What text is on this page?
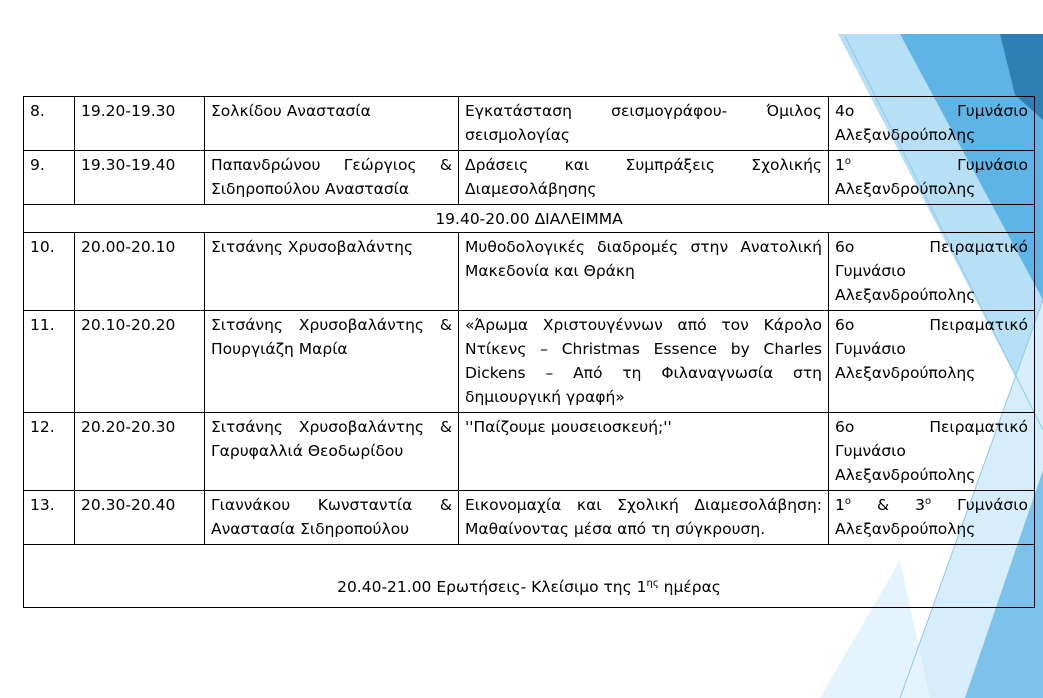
8.	19.20-19.30	Σολκίδου Αναστασία	Εγκατάσταση σεισμογράφου- Όμιλος σεισμολογίας	4ο Γυμνάσιο Αλεξανδρούπολης
9.	19.30-19.40	Παπανδρώνου Γεώργιος & Σιδηροπούλου Αναστασία	Δράσεις και Συμπράξεις Σχολικής Διαμεσολάβησης	$1^o$ Γυμνάσιο Αλεξανδρούπολης
19.40-20.00 ΔΙΑΛΕΙΜΜΑ				
10.	20.00-20.10	Σιτσάνης Χρυσοβαλάντης	Μυθοδολογικές διαδρομές στην Ανατολική Μακεδονία και Θράκη	6ο Πειραματικό Γυμνάσιο Αλεξανδρούπολης
11.	20.10-20.20	Σιτσάνης Χρυσοβαλάντης & Πουργιάζη Μαρία	«Άρωμα Χριστουγέννων από τον Κάρολο Ντίκενς – Christmas Essence by Charles Dickens – Από τη Φιλαναγνωσία στη δημιουργική γραφή»	6ο Πειραματικό Γυμνάσιο Αλεξανδρούπολης
12.	20.20-20.30	Σιτσάνης Χρυσοβαλάντης & Γαρυφαλλιά Θεοδωρίδου	''Παίζουμε μουσειοσκευή;''	6ο Πειραματικό Γυμνάσιο Αλεξανδρούπολης
13.	20.30-20.40	Γιαννάκου Κωνσταντία & Αναστασία Σιδηροπούλου	Εικονομαχία και Σχολική Διαμεσολάβηση: Μαθαίνοντας μέσα από τη σύγκρουση.	$1^o$ & $3^o$ Γυμνάσιο Αλεξανδρούπολης
20.40-21.00 Ερωτήσεις- Κλείσιμο της $1^{\eta\varsigma}$ ημέρας				
